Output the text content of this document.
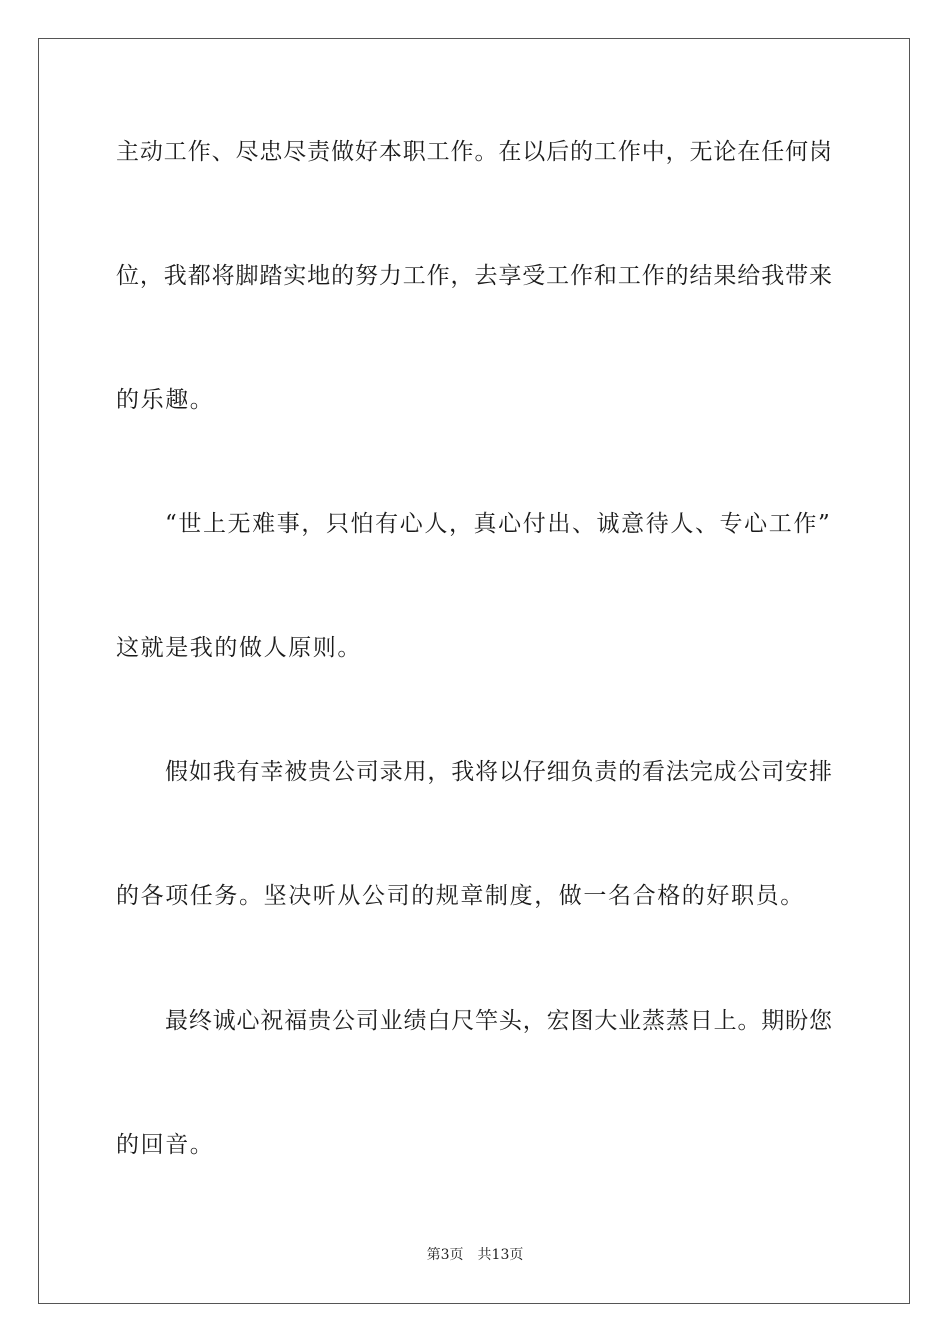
主动工作、尽忠尽责做好本职工作。在以后的工作中，无论在任何岗
位，我都将脚踏实地的努力工作，去享受工作和工作的结果给我带来
的乐趣。
“世上无难事，只怕有心人，真心付出、诚意待人、专心工作”
这就是我的做人原则。
假如我有幸被贵公司录用，我将以仔细负责的看法完成公司安排
的各项任务。坚决听从公司的规章制度，做一名合格的好职员。
最终诚心祝福贵公司业绩白尺竿头，宏图大业蒸蒸日上。期盼您
的回音。
第3页 共13页
